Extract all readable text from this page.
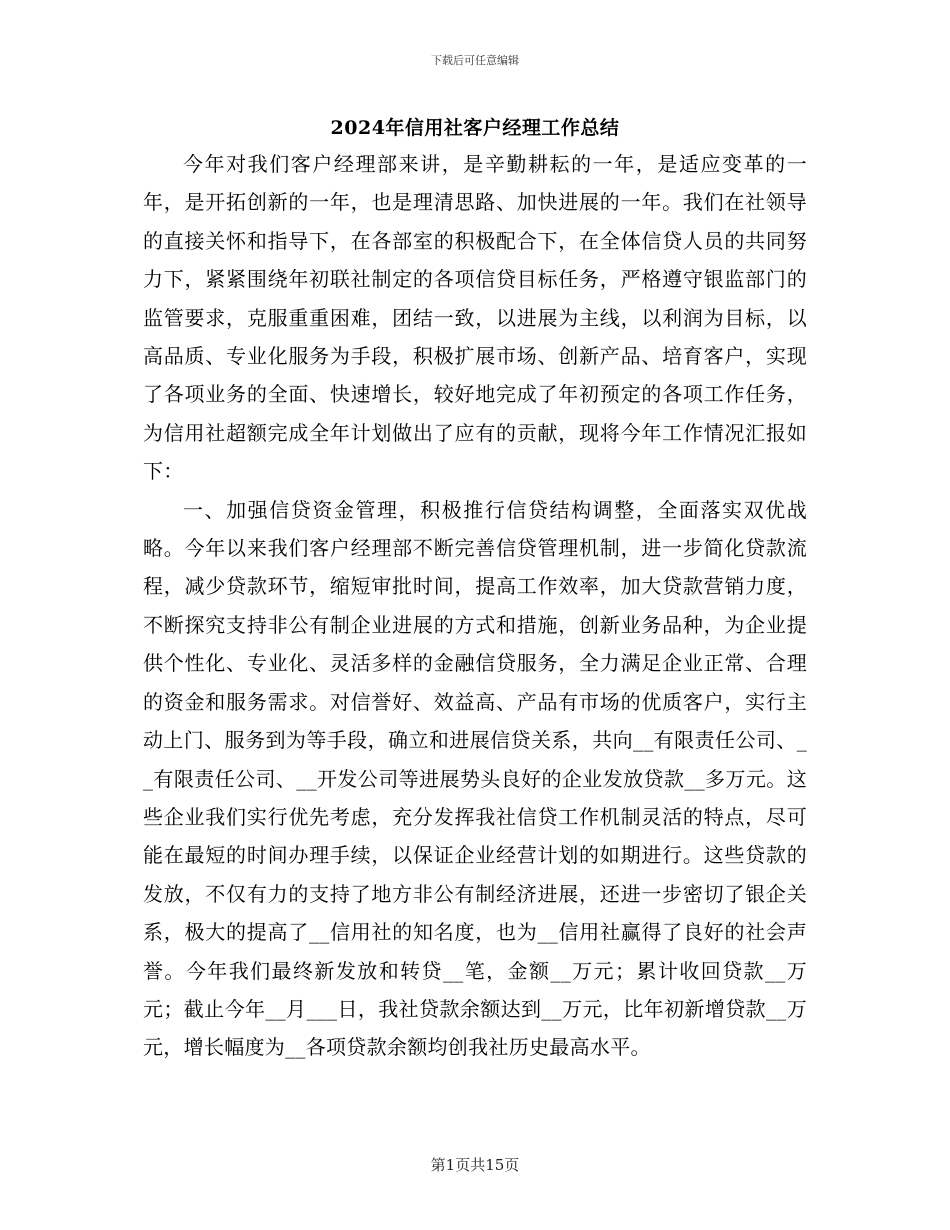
下载后可任意编辑
2024年信用社客户经理工作总结

今年对我们客户经理部来讲，是辛勤耕耘的一年，是适应变革的一年，是开拓创新的一年，也是理清思路、加快进展的一年。我们在社领导的直接关怀和指导下，在各部室的积极配合下，在全体信贷人员的共同努力下，紧紧围绕年初联社制定的各项信贷目标任务，严格遵守银监部门的监管要求，克服重重困难，团结一致，以进展为主线，以利润为目标，以高品质、专业化服务为手段，积极扩展市场、创新产品、培育客户，实现了各项业务的全面、快速增长，较好地完成了年初预定的各项工作任务，为信用社超额完成全年计划做出了应有的贡献，现将今年工作情况汇报如下：

一、加强信贷资金管理，积极推行信贷结构调整，全面落实双优战略。今年以来我们客户经理部不断完善信贷管理机制，进一步简化贷款流程，减少贷款环节，缩短审批时间，提高工作效率，加大贷款营销力度，不断探究支持非公有制企业进展的方式和措施，创新业务品种，为企业提供个性化、专业化、灵活多样的金融信贷服务，全力满足企业正常、合理的资金和服务需求。对信誉好、效益高、产品有市场的优质客户，实行主动上门、服务到为等手段，确立和进展信贷关系，共向__有限责任公司、__有限责任公司、__开发公司等进展势头良好的企业发放贷款__多万元。这些企业我们实行优先考虑，充分发挥我社信贷工作机制灵活的特点，尽可能在最短的时间办理手续，以保证企业经营计划的如期进行。这些贷款的发放，不仅有力的支持了地方非公有制经济进展，还进一步密切了银企关系，极大的提高了__信用社的知名度，也为__信用社赢得了良好的社会声誉。今年我们最终新发放和转贷__笔，金额__万元；累计收回贷款__万元；截止今年__月___日，我社贷款余额达到__万元，比年初新增贷款__万元，增长幅度为__各项贷款余额均创我社历史最高水平。

第1页共15页
